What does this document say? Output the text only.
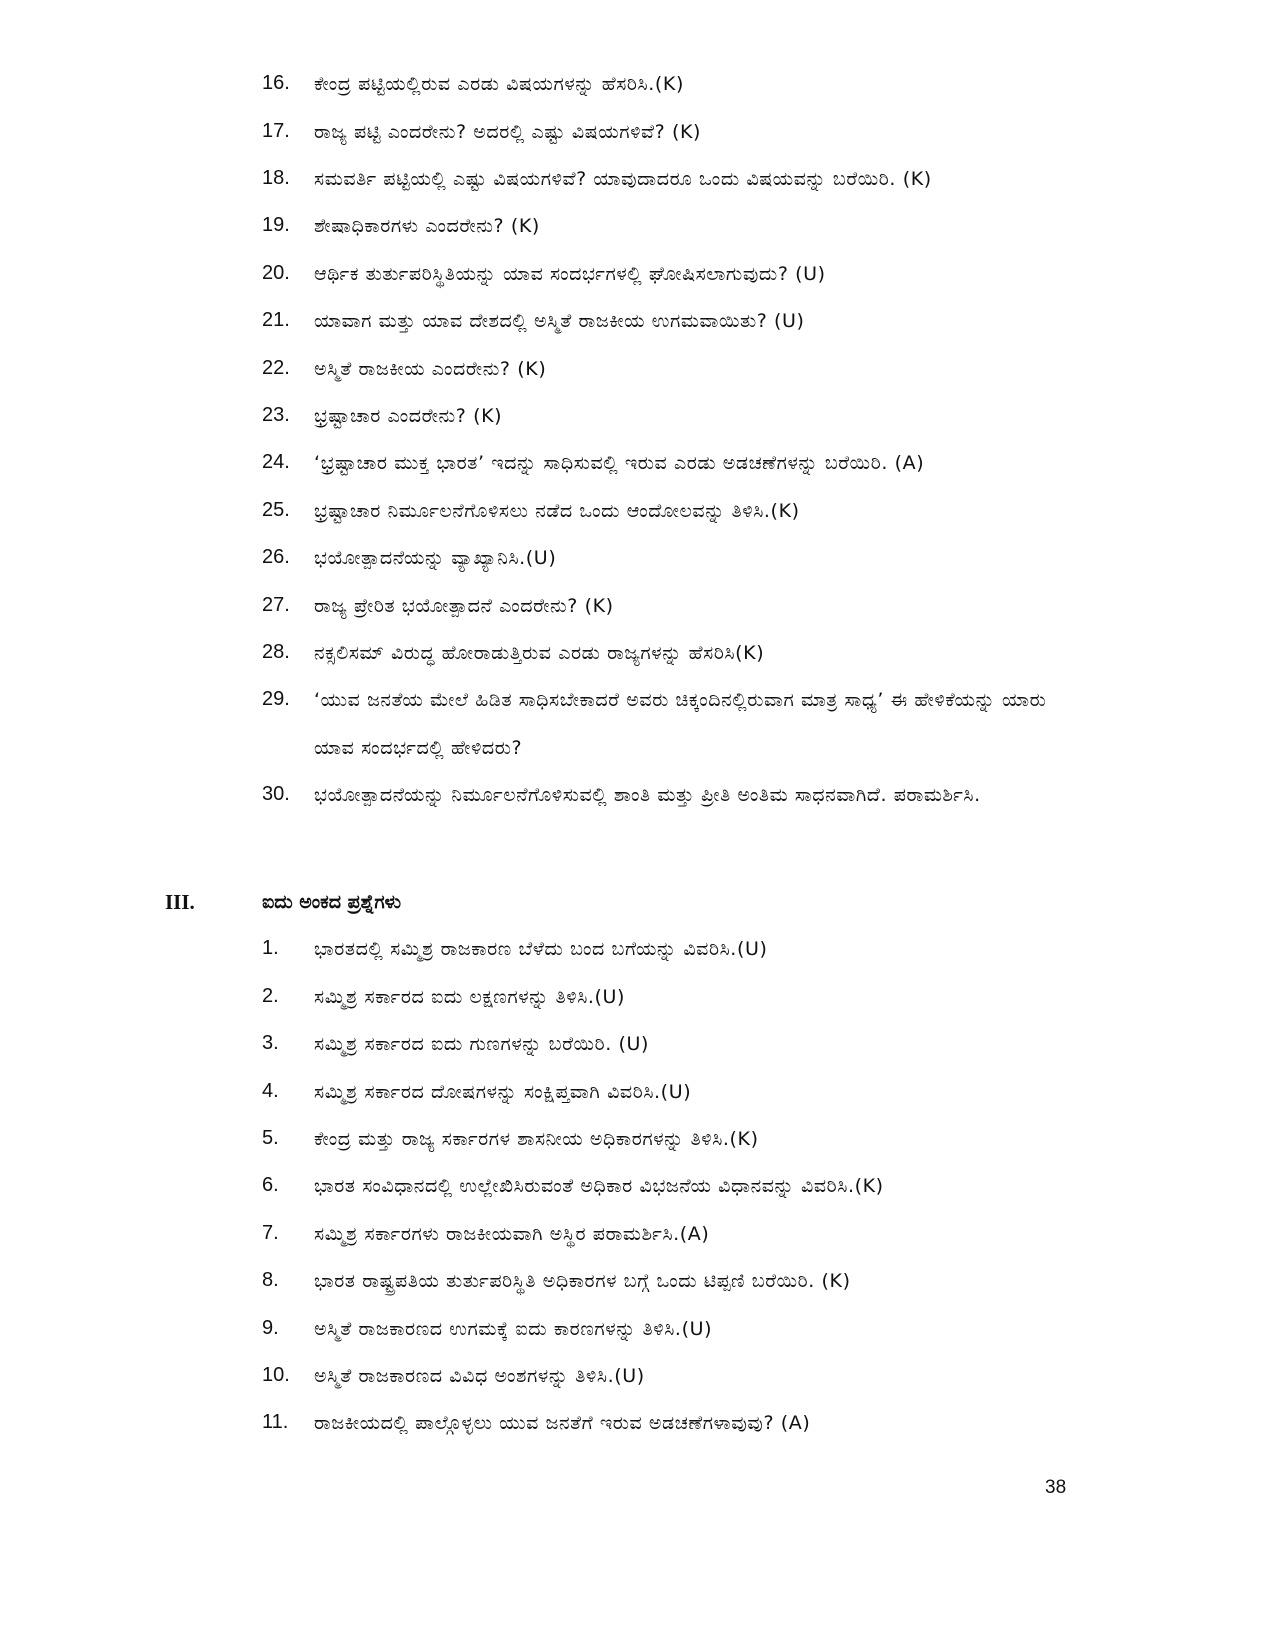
16.	ಕೇಂದ್ರ ಪಟ್ಟಿಯಲ್ಲಿರುವ ಎರಡು ವಿಷಯಗಳನ್ನು ಹೆಸರಿಸಿ.(K)
17.	ರಾಜ್ಯ ಪಟ್ಟಿ ಎಂದರೇನು? ಅದರಲ್ಲಿ ಎಷ್ಟು ವಿಷಯಗಳಿವೆ? (K)
18.	ಸಮವರ್ತಿ ಪಟ್ಟಿಯಲ್ಲಿ ಎಷ್ಟು ವಿಷಯಗಳಿವೆ? ಯಾವುದಾದರೂ ಒಂದು ವಿಷಯವನ್ನು ಬರೆಯಿರಿ. (K)
19.	ಶೇಷಾಧಿಕಾರಗಳು ಎಂದರೇನು? (K)
20.	ಆರ್ಥಿಕ ತುರ್ತುಪರಿಸ್ಥಿತಿಯನ್ನು ಯಾವ ಸಂದರ್ಭಗಳಲ್ಲಿ ಘೋಷಿಸಲಾಗುವುದು? (U)
21.	ಯಾವಾಗ ಮತ್ತು ಯಾವ ದೇಶದಲ್ಲಿ ಅಸ್ಮಿತೆ ರಾಜಕೀಯ ಉಗಮವಾಯಿತು? (U)
22.	ಅಸ್ಮಿತೆ ರಾಜಕೀಯ ಎಂದರೇನು? (K)
23.	ಭ್ರಷ್ಟಾಚಾರ ಎಂದರೇನು? (K)
24.	‘ಭ್ರಷ್ಟಾಚಾರ ಮುಕ್ತ ಭಾರತ’ ಇದನ್ನು ಸಾಧಿಸುವಲ್ಲಿ ಇರುವ ಎರಡು ಅಡಚಣೆಗಳನ್ನು ಬರೆಯಿರಿ. (A)
25.	ಭ್ರಷ್ಟಾಚಾರ ನಿರ್ಮೂಲನೆಗೊಳಿಸಲು ನಡೆದ ಒಂದು ಆಂದೋಲವನ್ನು ತಿಳಿಸಿ.(K)
26.	ಭಯೋತ್ಪಾದನೆಯನ್ನು ವ್ಯಾಖ್ಯಾನಿಸಿ.(U)
27.	ರಾಜ್ಯ ಪ್ರೇರಿತ ಭಯೋತ್ಪಾದನೆ ಎಂದರೇನು? (K)
28.	ನಕ್ಸಲಿಸಮ್ ವಿರುದ್ಧ ಹೋರಾಡುತ್ತಿರುವ ಎರಡು ರಾಜ್ಯಗಳನ್ನು ಹೆಸರಿಸಿ(K)
29.	‘ಯುವ ಜನತೆಯ ಮೇಲೆ ಹಿಡಿತ ಸಾಧಿಸಬೇಕಾದರೆ ಅವರು ಚಿಕ್ಕಂದಿನಲ್ಲಿರುವಾಗ ಮಾತ್ರ ಸಾಧ್ಯ’ ಈ ಹೇಳಿಕೆಯನ್ನು ಯಾರು ಯಾವ ಸಂದರ್ಭದಲ್ಲಿ ಹೇಳಿದರು?
30.	ಭಯೋತ್ಪಾದನೆಯನ್ನು ನಿರ್ಮೂಲನೆಗೊಳಿಸುವಲ್ಲಿ ಶಾಂತಿ ಮತ್ತು ಪ್ರೀತಿ ಅಂತಿಮ ಸಾಧನವಾಗಿದೆ. ಪರಾಮರ್ಶಿಸಿ.
III.	ಐದು ಅಂಕದ ಪ್ರಶ್ನೆಗಳು
1.	ಭಾರತದಲ್ಲಿ ಸಮ್ಮಿಶ್ರ ರಾಜಕಾರಣ ಬೆಳೆದು ಬಂದ ಬಗೆಯನ್ನು ವಿವರಿಸಿ.(U)
2.	ಸಮ್ಮಿಶ್ರ ಸರ್ಕಾರದ ಐದು ಲಕ್ಷಣಗಳನ್ನು ತಿಳಿಸಿ.(U)
3.	ಸಮ್ಮಿಶ್ರ ಸರ್ಕಾರದ ಐದು ಗುಣಗಳನ್ನು ಬರೆಯಿರಿ. (U)
4.	ಸಮ್ಮಿಶ್ರ ಸರ್ಕಾರದ ದೋಷಗಳನ್ನು ಸಂಕ್ಷಿಪ್ತವಾಗಿ ವಿವರಿಸಿ.(U)
5.	ಕೇಂದ್ರ ಮತ್ತು ರಾಜ್ಯ ಸರ್ಕಾರಗಳ ಶಾಸನೀಯ ಅಧಿಕಾರಗಳನ್ನು ತಿಳಿಸಿ.(K)
6.	ಭಾರತ ಸಂವಿಧಾನದಲ್ಲಿ ಉಲ್ಲೇಖಿಸಿರುವಂತೆ ಅಧಿಕಾರ ವಿಭಜನೆಯ ವಿಧಾನವನ್ನು ವಿವರಿಸಿ.(K)
7.	ಸಮ್ಮಿಶ್ರ ಸರ್ಕಾರಗಳು ರಾಜಕೀಯವಾಗಿ ಅಸ್ಥಿರ ಪರಾಮರ್ಶಿಸಿ.(A)
8.	ಭಾರತ ರಾಷ್ಟ್ರಪತಿಯ ತುರ್ತುಪರಿಸ್ಥಿತಿ ಅಧಿಕಾರಗಳ ಬಗ್ಗೆ ಒಂದು ಟಿಪ್ಪಣಿ ಬರೆಯಿರಿ. (K)
9.	ಅಸ್ಮಿತೆ ರಾಜಕಾರಣದ ಉಗಮಕ್ಕೆ ಐದು ಕಾರಣಗಳನ್ನು ತಿಳಿಸಿ.(U)
10.	ಅಸ್ಮಿತೆ ರಾಜಕಾರಣದ ವಿವಿಧ ಅಂಶಗಳನ್ನು ತಿಳಿಸಿ.(U)
11.	ರಾಜಕೀಯದಲ್ಲಿ ಪಾಲ್ಗೊಳ್ಳಲು ಯುವ ಜನತೆಗೆ ಇರುವ ಅಡಚಣೆಗಳಾವುವು? (A)
38
